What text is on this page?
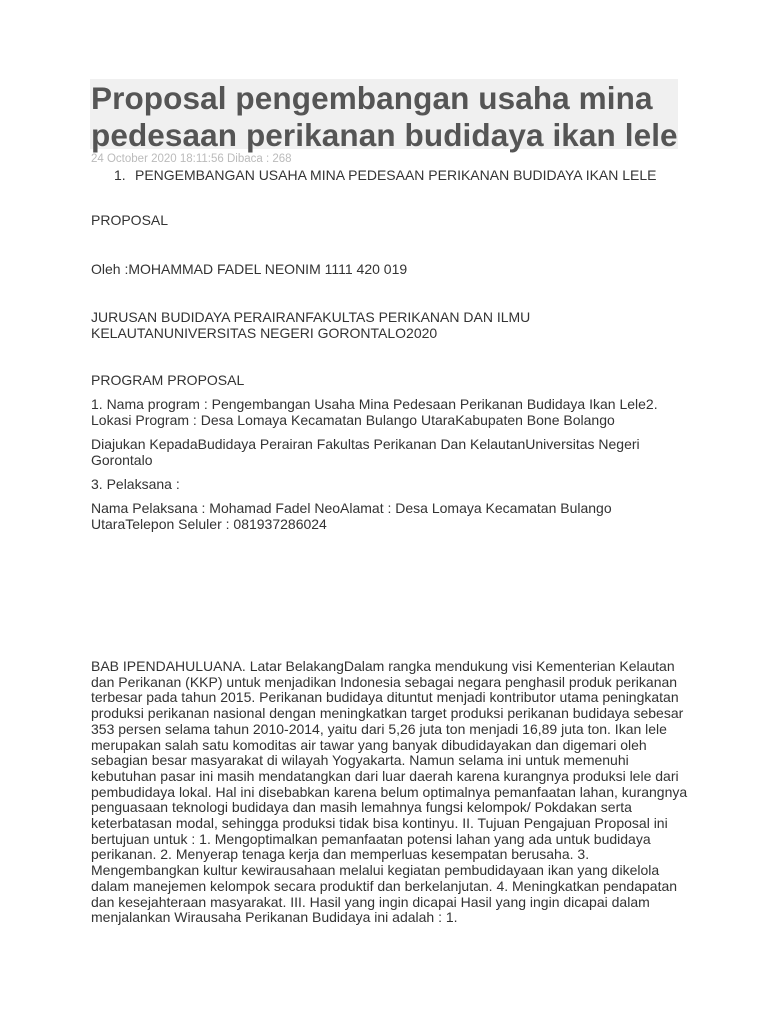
Proposal pengembangan usaha mina
pedesaan perikanan budidaya ikan lele
24 October 2020 18:11:56 Dibaca : 268
1. PENGEMBANGAN USAHA MINA PEDESAAN PERIKANAN BUDIDAYA IKAN LELE
PROPOSAL
Oleh :MOHAMMAD FADEL NEONIM 1111 420 019
JURUSAN BUDIDAYA PERAIRANFAKULTAS PERIKANAN DAN ILMU KELAUTANUNIVERSITAS NEGERI GORONTALO2020
PROGRAM PROPOSAL
1. Nama program : Pengembangan Usaha Mina Pedesaan Perikanan Budidaya Ikan Lele2. Lokasi Program : Desa Lomaya Kecamatan Bulango UtaraKabupaten Bone Bolango
Diajukan KepadaBudidaya Perairan Fakultas Perikanan Dan KelautanUniversitas Negeri Gorontalo
3. Pelaksana :
Nama Pelaksana : Mohamad Fadel NeoAlamat : Desa Lomaya Kecamatan Bulango UtaraTelepon Seluler : 081937286024
BAB IPENDAHULUANA. Latar BelakangDalam rangka mendukung visi Kementerian Kelautan dan Perikanan (KKP) untuk menjadikan Indonesia sebagai negara penghasil produk perikanan terbesar pada tahun 2015. Perikanan budidaya dituntut menjadi kontributor utama peningkatan produksi perikanan nasional dengan meningkatkan target produksi perikanan budidaya sebesar 353 persen selama tahun 2010-2014, yaitu dari 5,26 juta ton menjadi 16,89 juta ton. Ikan lele merupakan salah satu komoditas air tawar yang banyak dibudidayakan dan digemari oleh sebagian besar masyarakat di wilayah Yogyakarta. Namun selama ini untuk memenuhi kebutuhan pasar ini masih mendatangkan dari luar daerah karena kurangnya produksi lele dari pembudidaya lokal. Hal ini disebabkan karena belum optimalnya pemanfaatan lahan, kurangnya penguasaan teknologi budidaya dan masih lemahnya fungsi kelompok/ Pokdakan serta keterbatasan modal, sehingga produksi tidak bisa kontinyu. II. Tujuan Pengajuan Proposal ini bertujuan untuk : 1. Mengoptimalkan pemanfaatan potensi lahan yang ada untuk budidaya perikanan. 2. Menyerap tenaga kerja dan memperluas kesempatan berusaha. 3. Mengembangkan kultur kewirausahaan melalui kegiatan pembudidayaan ikan yang dikelola dalam manejemen kelompok secara produktif dan berkelanjutan. 4. Meningkatkan pendapatan dan kesejahteraan masyarakat. III. Hasil yang ingin dicapai Hasil yang ingin dicapai dalam menjalankan Wirausaha Perikanan Budidaya ini adalah : 1.
